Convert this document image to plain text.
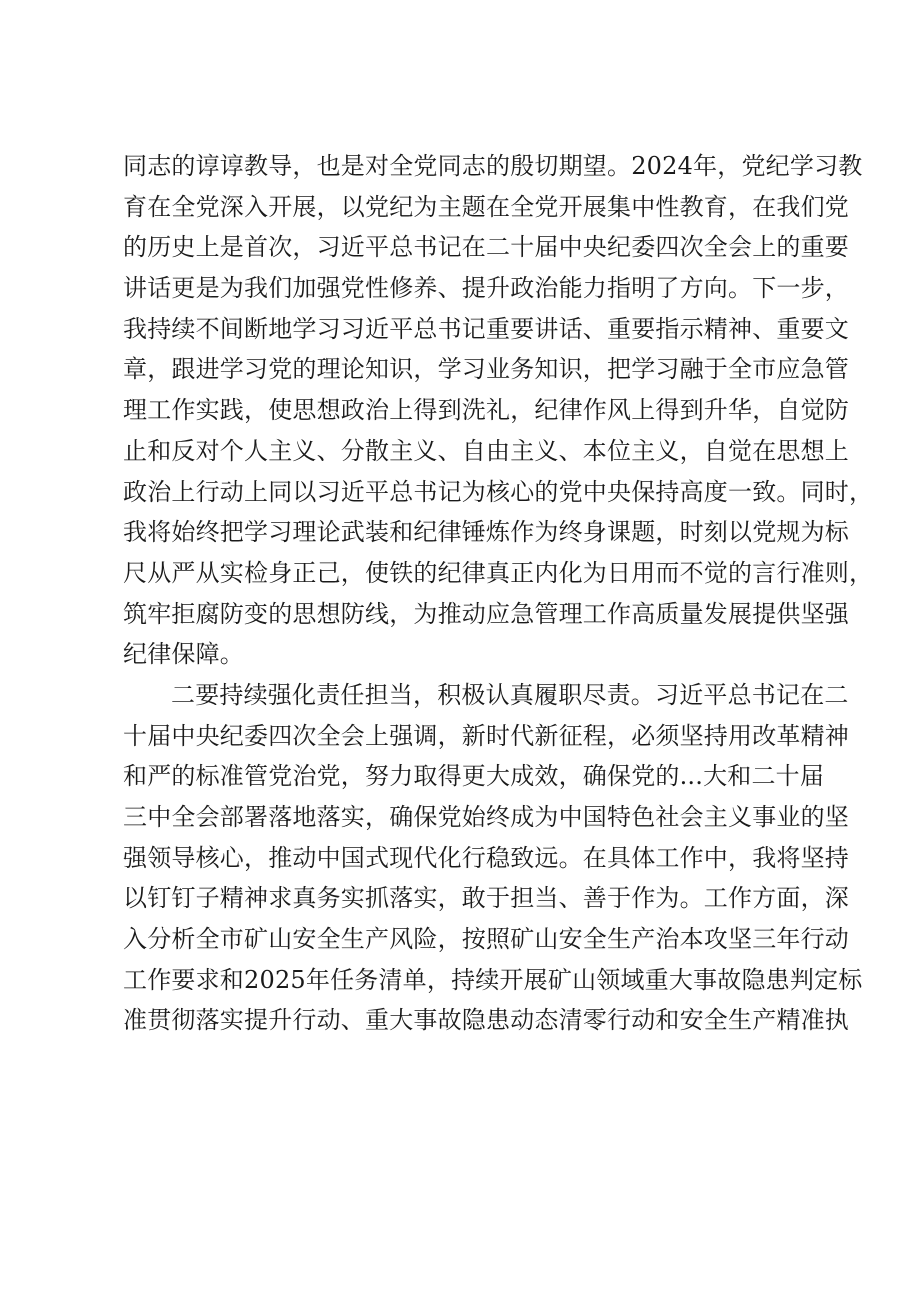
同志的谆谆教导，也是对全党同志的殷切期望。2024年，党纪学习教
育在全党深入开展，以党纪为主题在全党开展集中性教育，在我们党
的历史上是首次，习近平总书记在二十届中央纪委四次全会上的重要
讲话更是为我们加强党性修养、提升政治能力指明了方向。下一步，
我持续不间断地学习习近平总书记重要讲话、重要指示精神、重要文
章，跟进学习党的理论知识，学习业务知识，把学习融于全市应急管
理工作实践，使思想政治上得到洗礼，纪律作风上得到升华，自觉防
止和反对个人主义、分散主义、自由主义、本位主义，自觉在思想上
政治上行动上同以习近平总书记为核心的党中央保持高度一致。同时，
我将始终把学习理论武装和纪律锤炼作为终身课题，时刻以党规为标
尺从严从实检身正己，使铁的纪律真正内化为日用而不觉的言行准则，
筑牢拒腐防变的思想防线，为推动应急管理工作高质量发展提供坚强
纪律保障。
二要持续强化责任担当，积极认真履职尽责。习近平总书记在二
十届中央纪委四次全会上强调，新时代新征程，必须坚持用改革精神
和严的标准管党治党，努力取得更大成效，确保党的...大和二十届
三中全会部署落地落实，确保党始终成为中国特色社会主义事业的坚
强领导核心，推动中国式现代化行稳致远。在具体工作中，我将坚持
以钉钉子精神求真务实抓落实，敢于担当、善于作为。工作方面，深
入分析全市矿山安全生产风险，按照矿山安全生产治本攻坚三年行动
工作要求和2025年任务清单，持续开展矿山领域重大事故隐患判定标
准贯彻落实提升行动、重大事故隐患动态清零行动和安全生产精准执
